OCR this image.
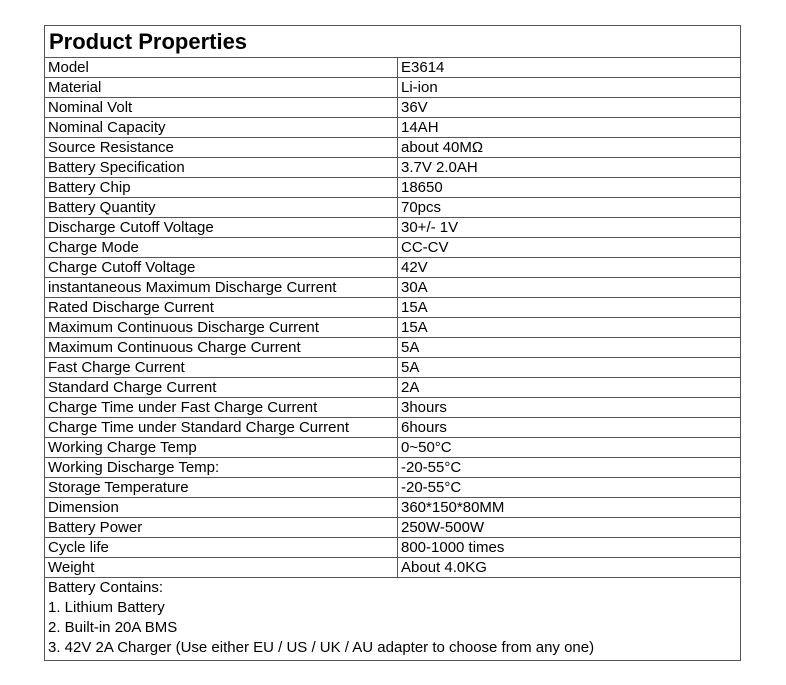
Product Properties
Model	E3614
Material	Li-ion
Nominal Volt	36V
Nominal Capacity	14AH
Source Resistance	about 40MΩ
Battery Specification	3.7V 2.0AH
Battery Chip	18650
Battery Quantity	70pcs
Discharge Cutoff Voltage	30+/- 1V
Charge Mode	CC-CV
Charge Cutoff Voltage	42V
instantaneous Maximum Discharge Current	30A
Rated Discharge Current	15A
Maximum Continuous Discharge Current	15A
Maximum Continuous Charge Current	5A
Fast Charge Current	5A
Standard Charge Current	2A
Charge Time under Fast Charge Current	3hours
Charge Time under Standard Charge Current	6hours
Working Charge Temp	0~50°C
Working Discharge Temp:	-20-55°C
Storage Temperature	-20-55°C
Dimension	360*150*80MM
Battery Power	250W-500W
Cycle life	800-1000 times
Weight	About 4.0KG
Battery Contains:
1. Lithium Battery
2. Built-in 20A BMS
3. 42V 2A Charger (Use either EU / US / UK / AU adapter to choose from any one)
